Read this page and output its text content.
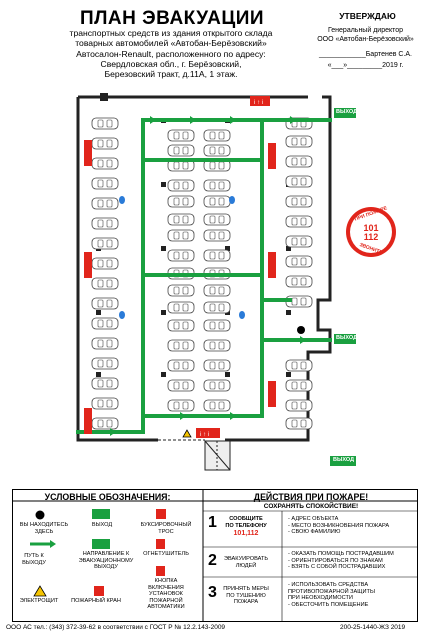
ПЛАН ЭВАКУАЦИИ
транспортных средств из здания открытого склада
товарных автомобилей «Автобан-Берёзовский»
Автосалон-Renault, расположенного по адресу:
Свердловская обл., г. Берёзовский,
Березовский тракт, д.11А, 1 этаж.
УТВЕРЖДАЮ
Генеральный директор
ООО «Автобан-Берёзовский»
____________Бартенев С.А.
«___»_________2019 г.
i ↑ i
i ↑ i
ВЫХОД
ВЫХОД
ВЫХОД
ПРИ ПОЖАРЕ
101
112
ЗВОНИТЬ
УСЛОВНЫЕ ОБОЗНАЧЕНИЯ:
ВЫ НАХОДИТЕСЬ
ЗДЕСЬ
ВЫХОД	БУКСИРОВОЧНЫЙ
ТРОС
ПУТЬ К
ВЫХОДУ
НАПРАВЛЕНИЕ К
ЭВАКУАЦИОННОМУ
ВЫХОДУ
ОГНЕТУШИТЕЛЬ
КНОПКА
ВКЛЮЧЕНИЯ
УСТАНОВОК
ПОЖАРНОЙ
АВТОМАТИКИ
ЭЛЕКТРОЩИТ	ПОЖАРНЫЙ КРАН
ДЕЙСТВИЯ ПРИ ПОЖАРЕ!
СОХРАНЯТЬ СПОКОЙСТВИЕ!
1	СООБЩИТЕ
ПО ТЕЛЕФОНУ
101,112
- АДРЕС ОБЪЕКТА
- МЕСТО ВОЗНИКНОВЕНИЯ ПОЖАРА
- СВОЮ ФАМИЛИЮ
2	ЭВАКУИРОВАТЬ
ЛЮДЕЙ
- ОКАЗАТЬ ПОМОЩЬ ПОСТРАДАВШИМ
- ОРИЕНТИРОВАТЬСЯ ПО ЗНАКАМ
- ВЗЯТЬ С СОБОЙ ПОСТРАДАВШИХ
3 ПРИНЯТЬ МЕРЫ
ПО ТУШЕНИЮ
ПОЖАРА
- ИСПОЛЬЗОВАТЬ СРЕДСТВА
ПРОТИВОПОЖАРНОЙ ЗАЩИТЫ
ПРИ НЕОБХОДИМОСТИ
- ОБЕСТОЧИТЬ ПОМЕЩЕНИЕ
ООО АС тел.: (343) 372-39-62 в соответствии с ГОСТ Р № 12.2.143-2009	200-25-1440-ЖЗ 2019
